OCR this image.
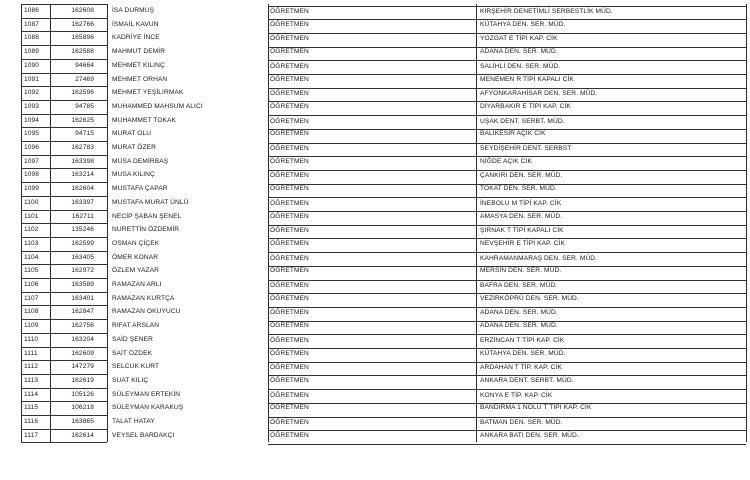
1086	162608	İSA DURMUŞ	ÖĞRETMEN	KIRŞEHİR DENETİMLİ SERBESTLİK MÜD.
1087	162766	İSMAİL KAVUN	ÖĞRETMEN	KÜTAHYA DEN. SER. MÜD.
1088	165896	KADRİYE İNCE	ÖĞRETMEN	YOZGAT E TİPİ KAP. CİK
1089	162588	MAHMUT DEMİR	ÖĞRETMEN	ADANA DEN. SER. MÜD.
1090	94664	MEHMET KILINÇ	ÖĞRETMEN	SALİHLİ DEN. SER. MÜD.
1091	27469	MEHMET ORHAN	ÖĞRETMEN	MENEMEN R TİPİ KAPALI CİK
1092	162596	MEHMET YEŞİLIRMAK	ÖĞRETMEN	AFYONKARAHİSAR DEN. SER. MÜD.
1093	94785	MUHAMMED MAHSUM ALICI	ÖĞRETMEN	DİYARBAKIR E TİPİ KAP. CİK
1094	162625	MUHAMMET TOKAK	ÖĞRETMEN	UŞAK DENT. SERBT. MÜD.
1095	94715	MURAT OLU	ÖĞRETMEN	BALIKESİR AÇIK CİK
1096	162783	MURAT ÖZER	ÖĞRETMEN	SEYDİŞEHİR DENT. SERBST
1097	163398	MUSA DEMİRBAŞ	ÖĞRETMEN	NİĞDE AÇIK CİK
1098	163214	MUSA KILINÇ	ÖĞRETMEN	ÇANKIRI DEN. SER. MÜD.
1099	162604	MUSTAFA ÇAPAR	ÖĞRETMEN	TOKAT DEN. SER. MÜD.
1100	163397	MUSTAFA MURAT ÜNLÜ	ÖĞRETMEN	İNEBOLU M TİPİ KAP. CİK
1101	162711	NECİP ŞABAN ŞENEL	ÖĞRETMEN	AMASYA DEN. SER. MÜD.
1102	135246	NURETTİN ÖZDEMİR	ÖĞRETMEN	ŞIRNAK T TİPİ KAPALI CİK
1103	162599	OSMAN ÇİÇEK	ÖĞRETMEN	NEVŞEHİR E TİPİ KAP. CİK
1104	163405	ÖMER KONAR	ÖĞRETMEN	KAHRAMANMARAŞ DEN. SER. MÜD.
1105	162972	ÖZLEM YAZAR	ÖĞRETMEN	MERSİN DEN. SER. MÜD.
1106	163589	RAMAZAN ARLI	ÖĞRETMEN	BAFRA DEN. SER. MÜD.
1107	163401	RAMAZAN KURTÇA	ÖĞRETMEN	VEZİRKÖPRÜ DEN. SER. MÜD.
1108	162847	RAMAZAN OKUYUCU	ÖĞRETMEN	ADANA DEN. SER. MÜD.
1109	162756	RIFAT ARSLAN	ÖĞRETMEN	ADANA DEN. SER. MÜD.
1110	163204	SAİD ŞENER	ÖĞRETMEN	ERZİNCAN T TİPİ KAP. CİK
1111	162609	SAİT ÖZDEK	ÖĞRETMEN	KÜTAHYA DEN. SER. MÜD.
1112	147279	SELCUK KURT	ÖĞRETMEN	ARDAHAN T TİP. KAP. CİK
1113	162619	SUAT KILIÇ	ÖĞRETMEN	ANKARA DENT. SERBT. MÜD.
1114	105126	SÜLEYMAN ERTEKİN	ÖĞRETMEN	KONYA E TİP. KAP. CİK
1115	106218	SÜLEYMAN KARAKUŞ	ÖĞRETMEN	BANDIRMA 1 NOLU T TİPİ KAP. CİK
1116	163865	TALAT HATAY	ÖĞRETMEN	BATMAN DEN. SER. MÜD.
1117	162614	VEYSEL BARDAKÇI	ÖĞRETMEN	ANKARA BATI DEN. SER. MÜD.
